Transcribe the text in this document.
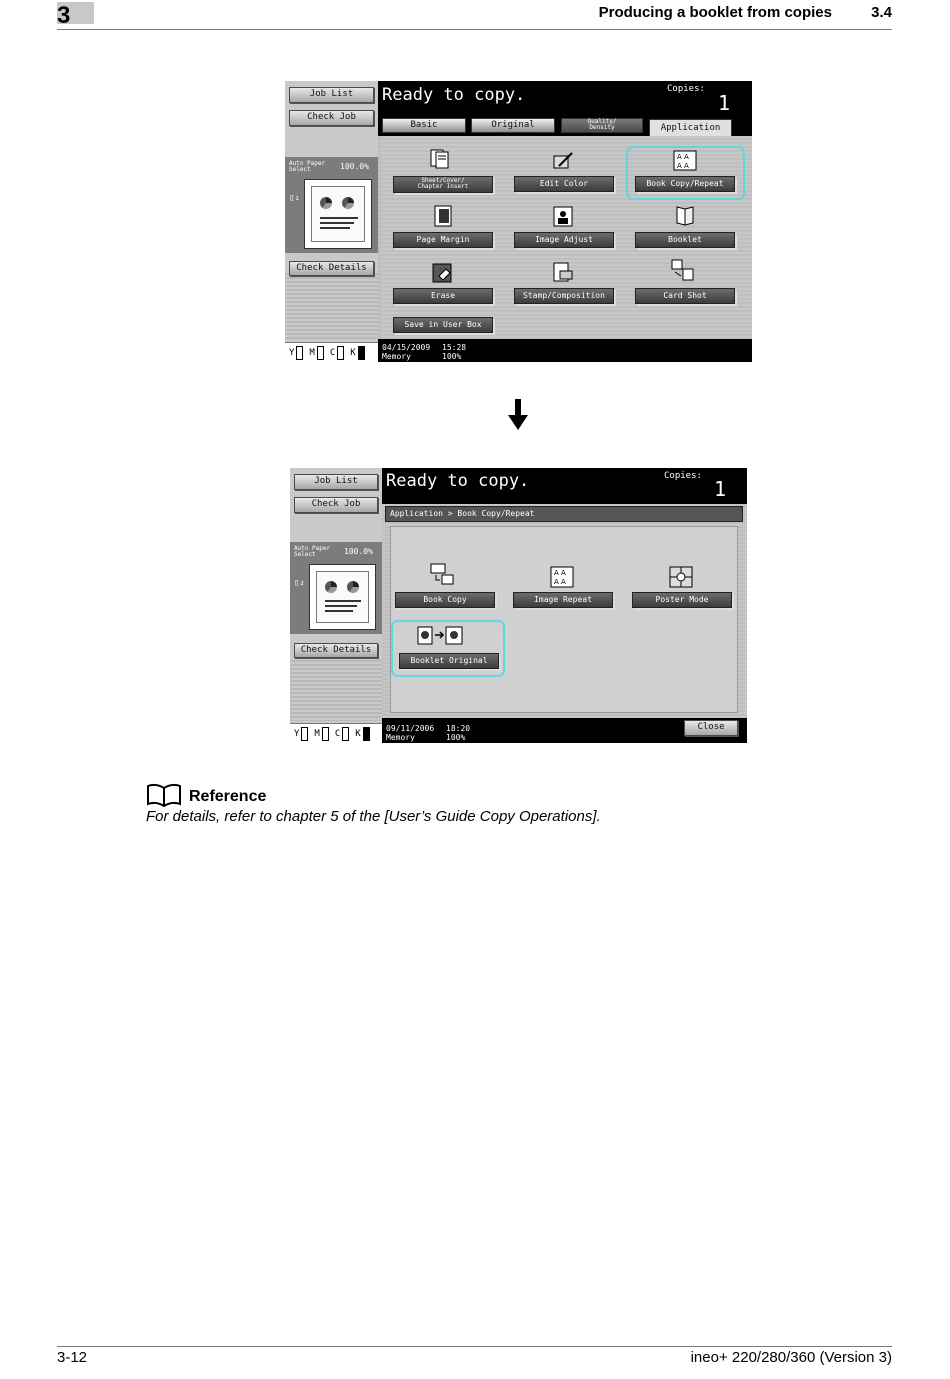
3	Producing a booklet from copies	3.4
Job List
Check Job
Auto Paper
Select	100.0%
▯₁
Check Details
Y M C K
Ready to copy.	Copies:
1
Basic	Original	Quality/
Density	Application
Sheet/Cover/
Chapter Insert	Edit Color
A A
A A
Book Copy/Repeat
Page Margin	Image Adjust	Booklet
Erase	Stamp/Composition	Card Shot
Save in User Box
04/15/2009 15:28
Memory	100%
Job List
Check Job
Auto Paper
Select	100.0%
▯₂
Check Details
Y M C K
Ready to copy.	Copies:
1
Application > Book Copy/Repeat
Book Copy
A A
A A
Image Repeat	Poster Mode
Booklet Original
09/11/2006 18:20
Memory	100%
Close
Reference
For details, refer to chapter 5 of the [User’s Guide Copy Operations].
3-12	ineo+ 220/280/360 (Version 3)
